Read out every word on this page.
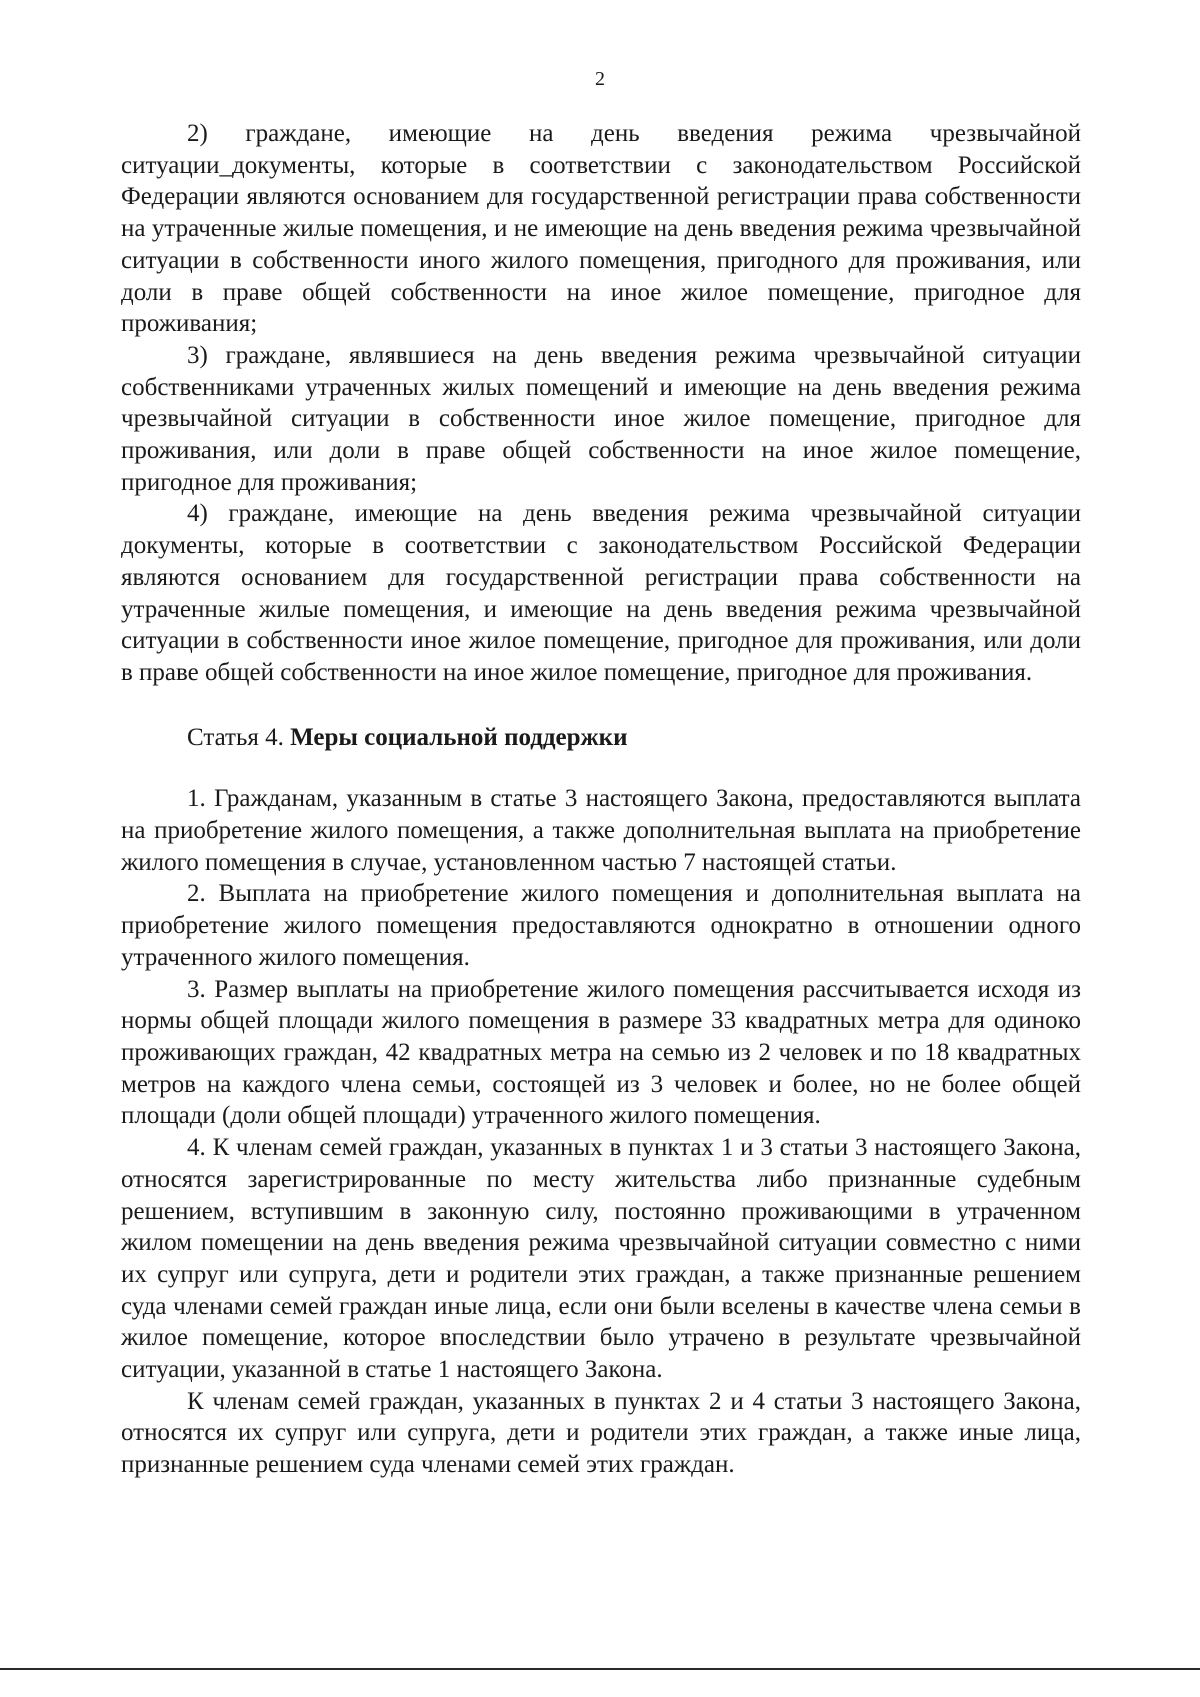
2

2) граждане, имеющие на день введения режима чрезвычайной ситуации_документы, которые в соответствии с законодательством Российской Федерации являются основанием для государственной регистрации права собственности на утраченные жилые помещения, и не имеющие на день введения режима чрезвычайной ситуации в собственности иного жилого помещения, пригодного для проживания, или доли в праве общей собственности на иное жилое помещение, пригодное для проживания;

3) граждане, являвшиеся на день введения режима чрезвычайной ситуации собственниками утраченных жилых помещений и имеющие на день введения режима чрезвычайной ситуации в собственности иное жилое помещение, пригодное для проживания, или доли в праве общей собственности на иное жилое помещение, пригодное для проживания;

4) граждане, имеющие на день введения режима чрезвычайной ситуации документы, которые в соответствии с законодательством Российской Федерации являются основанием для государственной регистрации права собственности на утраченные жилые помещения, и имеющие на день введения режима чрезвычайной ситуации в собственности иное жилое помещение, пригодное для проживания, или доли в праве общей собственности на иное жилое помещение, пригодное для проживания.

Статья 4. Меры социальной поддержки

1. Гражданам, указанным в статье 3 настоящего Закона, предоставляются выплата на приобретение жилого помещения, а также дополнительная выплата на приобретение жилого помещения в случае, установленном частью 7 настоящей статьи.

2. Выплата на приобретение жилого помещения и дополнительная выплата на приобретение жилого помещения предоставляются однократно в отношении одного утраченного жилого помещения.

3. Размер выплаты на приобретение жилого помещения рассчитывается исходя из нормы общей площади жилого помещения в размере 33 квадратных метра для одиноко проживающих граждан, 42 квадратных метра на семью из 2 человек и по 18 квадратных метров на каждого члена семьи, состоящей из 3 человек и более, но не более общей площади (доли общей площади) утраченного жилого помещения.

4. К членам семей граждан, указанных в пунктах 1 и 3 статьи 3 настоящего Закона, относятся зарегистрированные по месту жительства либо признанные судебным решением, вступившим в законную силу, постоянно проживающими в утраченном жилом помещении на день введения режима чрезвычайной ситуации совместно с ними их супруг или супруга, дети и родители этих граждан, а также признанные решением суда членами семей граждан иные лица, если они были вселены в качестве члена семьи в жилое помещение, которое впоследствии было утрачено в результате чрезвычайной ситуации, указанной в статье 1 настоящего Закона.

К членам семей граждан, указанных в пунктах 2 и 4 статьи 3 настоящего Закона, относятся их супруг или супруга, дети и родители этих граждан, а также иные лица, признанные решением суда членами семей этих граждан.
